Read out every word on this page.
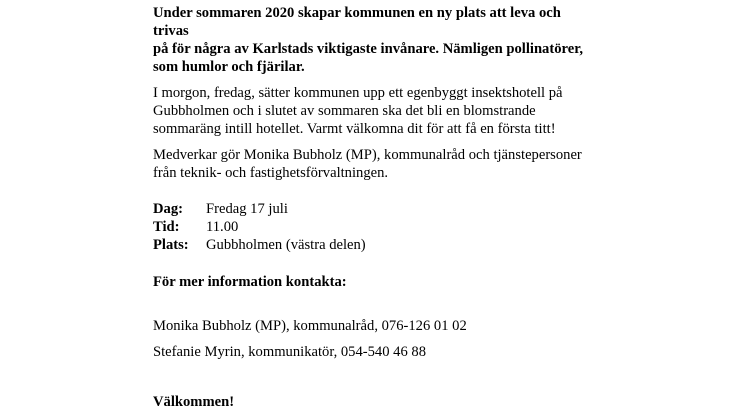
Under sommaren 2020 skapar kommunen en ny plats att leva och trivas

på för några av Karlstads viktigaste invånare. Nämligen pollinatörer,

som humlor och fjärilar.

I morgon, fredag, sätter kommunen upp ett egenbyggt insektshotell på

Gubbholmen och i slutet av sommaren ska det bli en blomstrande

sommaräng intill hotellet. Varmt välkomna dit för att få en första titt!

Medverkar gör Monika Bubholz (MP), kommunalråd och tjänstepersoner

från teknik- och fastighetsförvaltningen.

Dag:	Fredag 17 juli
Tid:	11.00
Plats:	Gubbholmen (västra delen)

För mer information kontakta:

Monika Bubholz (MP), kommunalråd, 076-126 01 02

Stefanie Myrin, kommunikatör, 054-540 46 88

Välkommen!
